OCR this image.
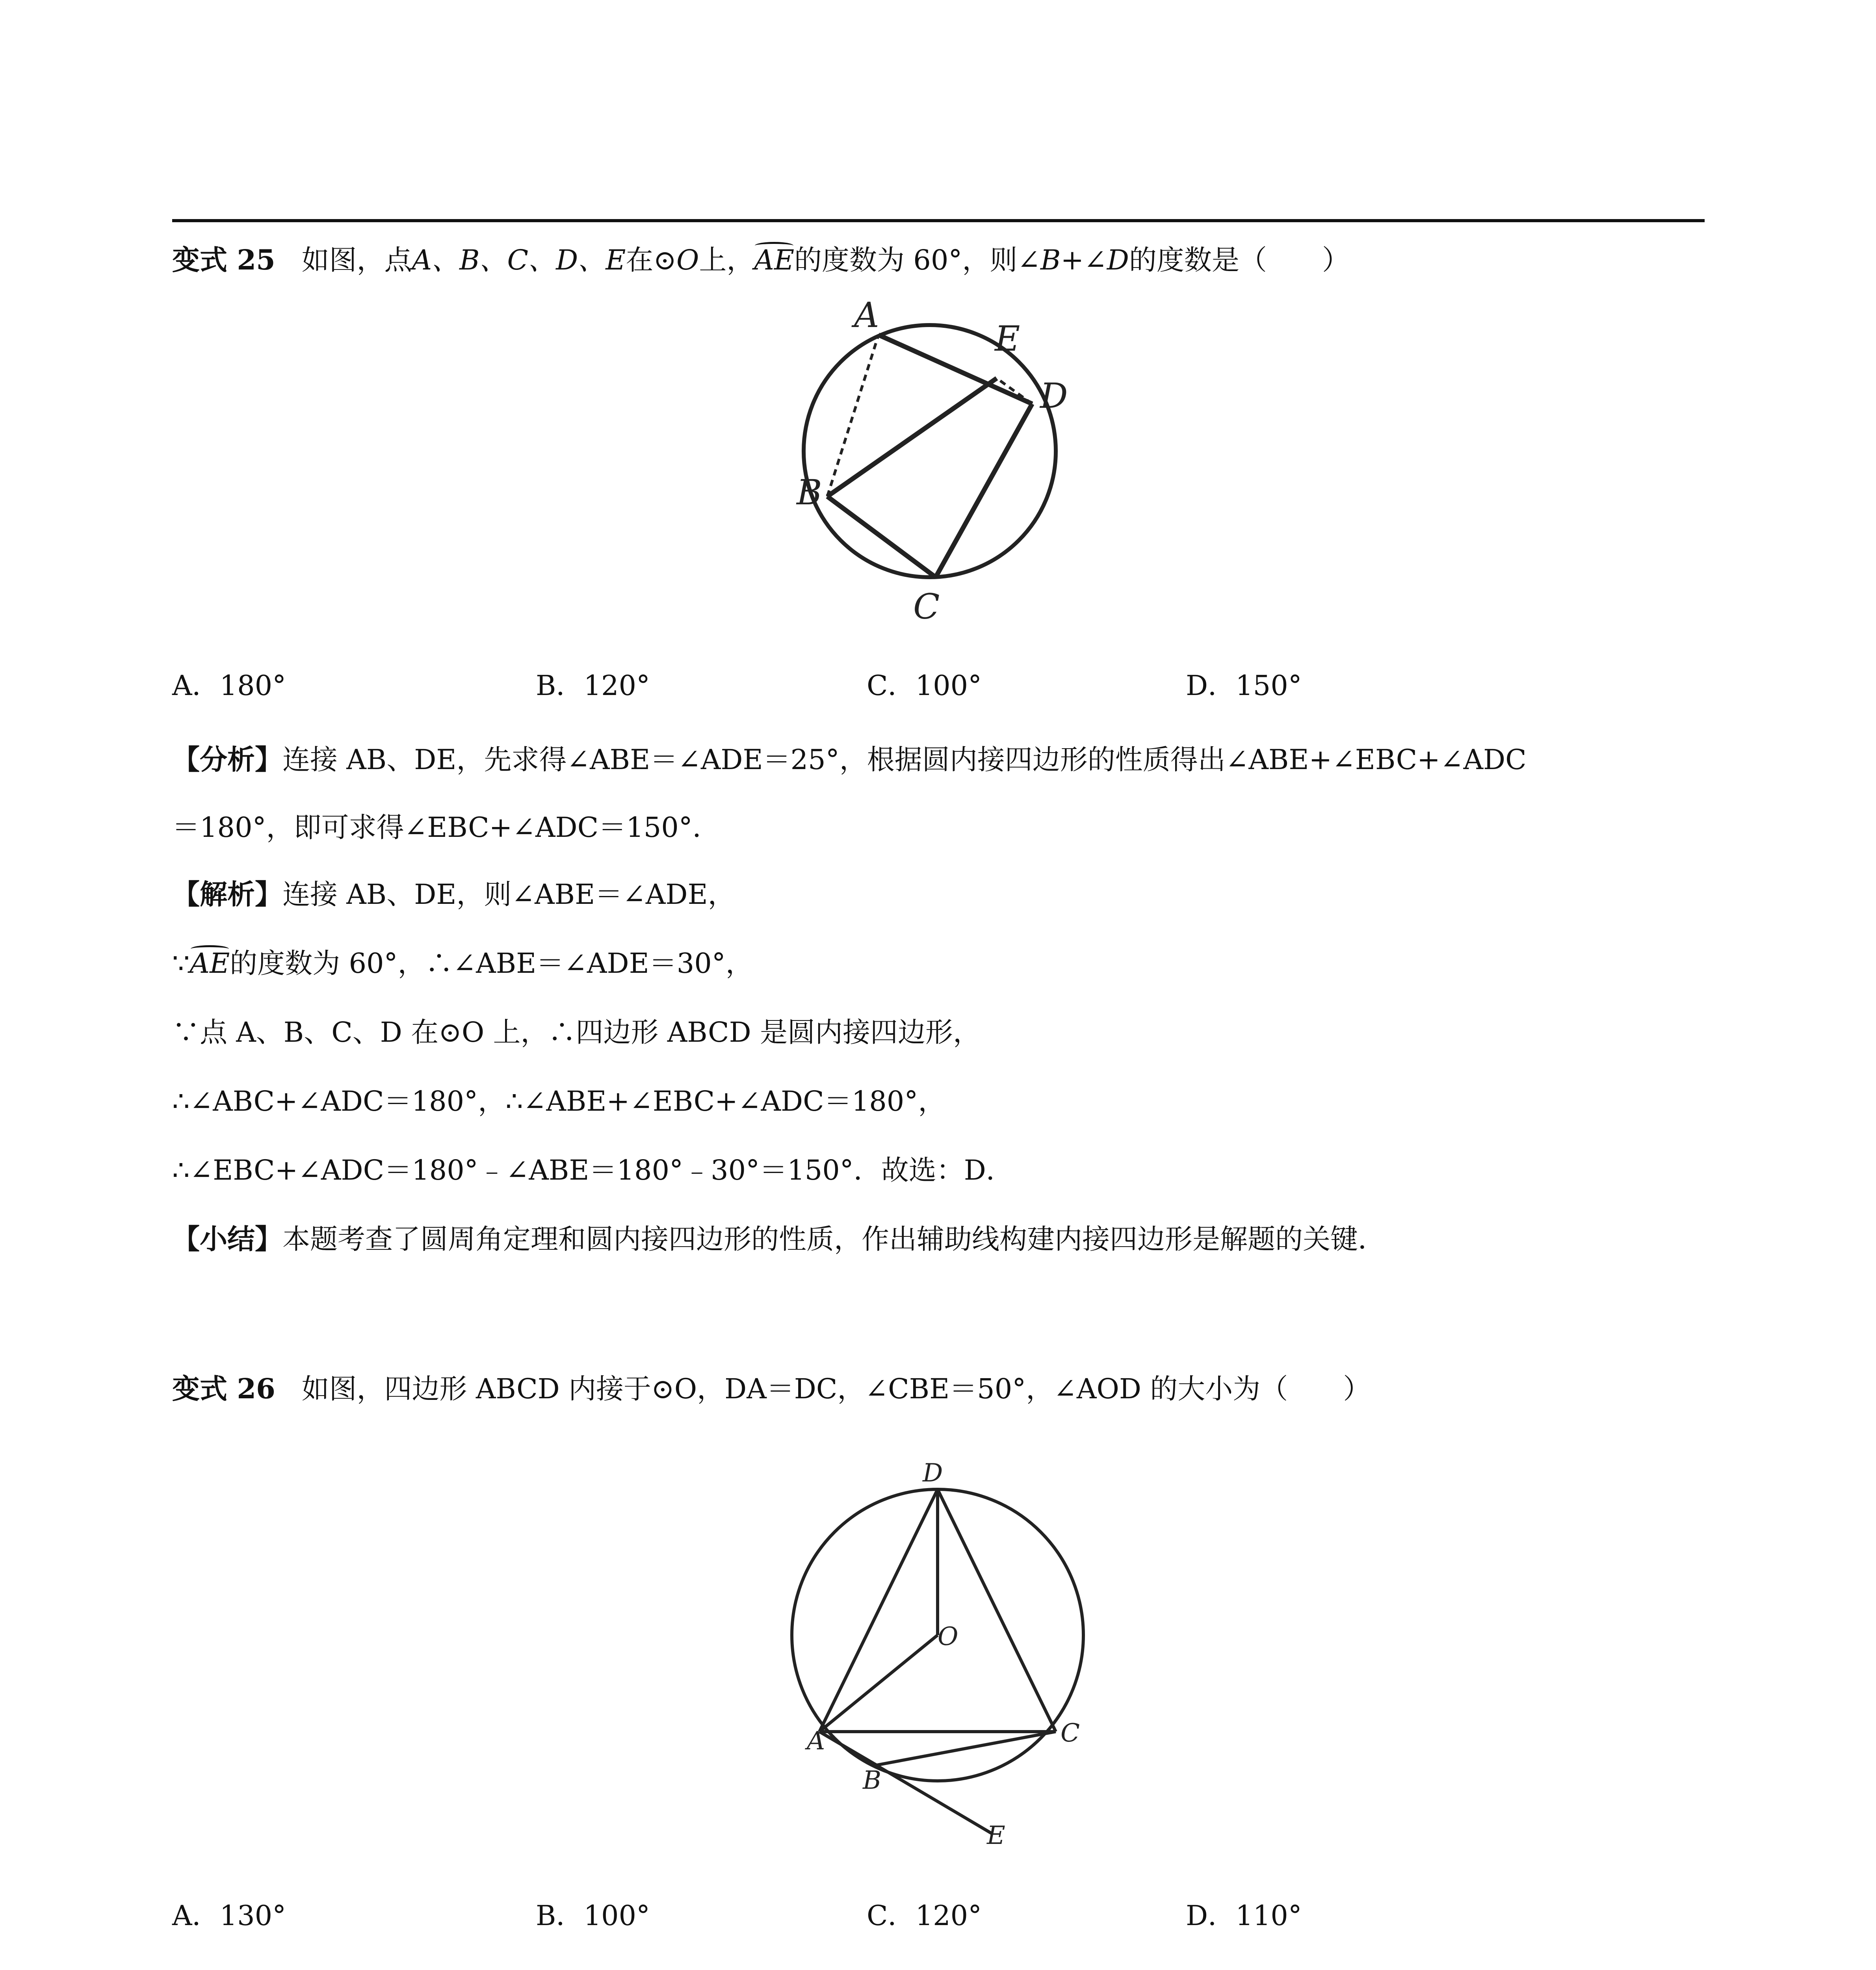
变式 25 如图，点A、B、C、D、E在⊙O上，AE的度数为 60°，则∠B+∠D的度数是（　　）
A
B
C
D
E
A．180°	B．120°	C．100°	D．150°
【分析】连接 AB、DE，先求得∠ABE＝∠ADE＝25°，根据圆内接四边形的性质得出∠ABE+∠EBC+∠ADC
＝180°，即可求得∠EBC+∠ADC＝150°．
【解析】连接 AB、DE，则∠ABE＝∠ADE，
∵AE的度数为 60°，∴∠ABE＝∠ADE＝30°，
∵点 A、B、C、D 在⊙O 上，∴四边形 ABCD 是圆内接四边形，
∴∠ABC+∠ADC＝180°，∴∠ABE+∠EBC+∠ADC＝180°，
∴∠EBC+∠ADC＝180°﹣∠ABE＝180°﹣30°＝150°．故选：D．
【小结】本题考查了圆周角定理和圆内接四边形的性质，作出辅助线构建内接四边形是解题的关键．
变式 26 如图，四边形 ABCD 内接于⊙O，DA＝DC，∠CBE＝50°，∠AOD 的大小为（　　）
D
O
A
B
C
E
A．130°	B．100°	C．120°	D．110°
